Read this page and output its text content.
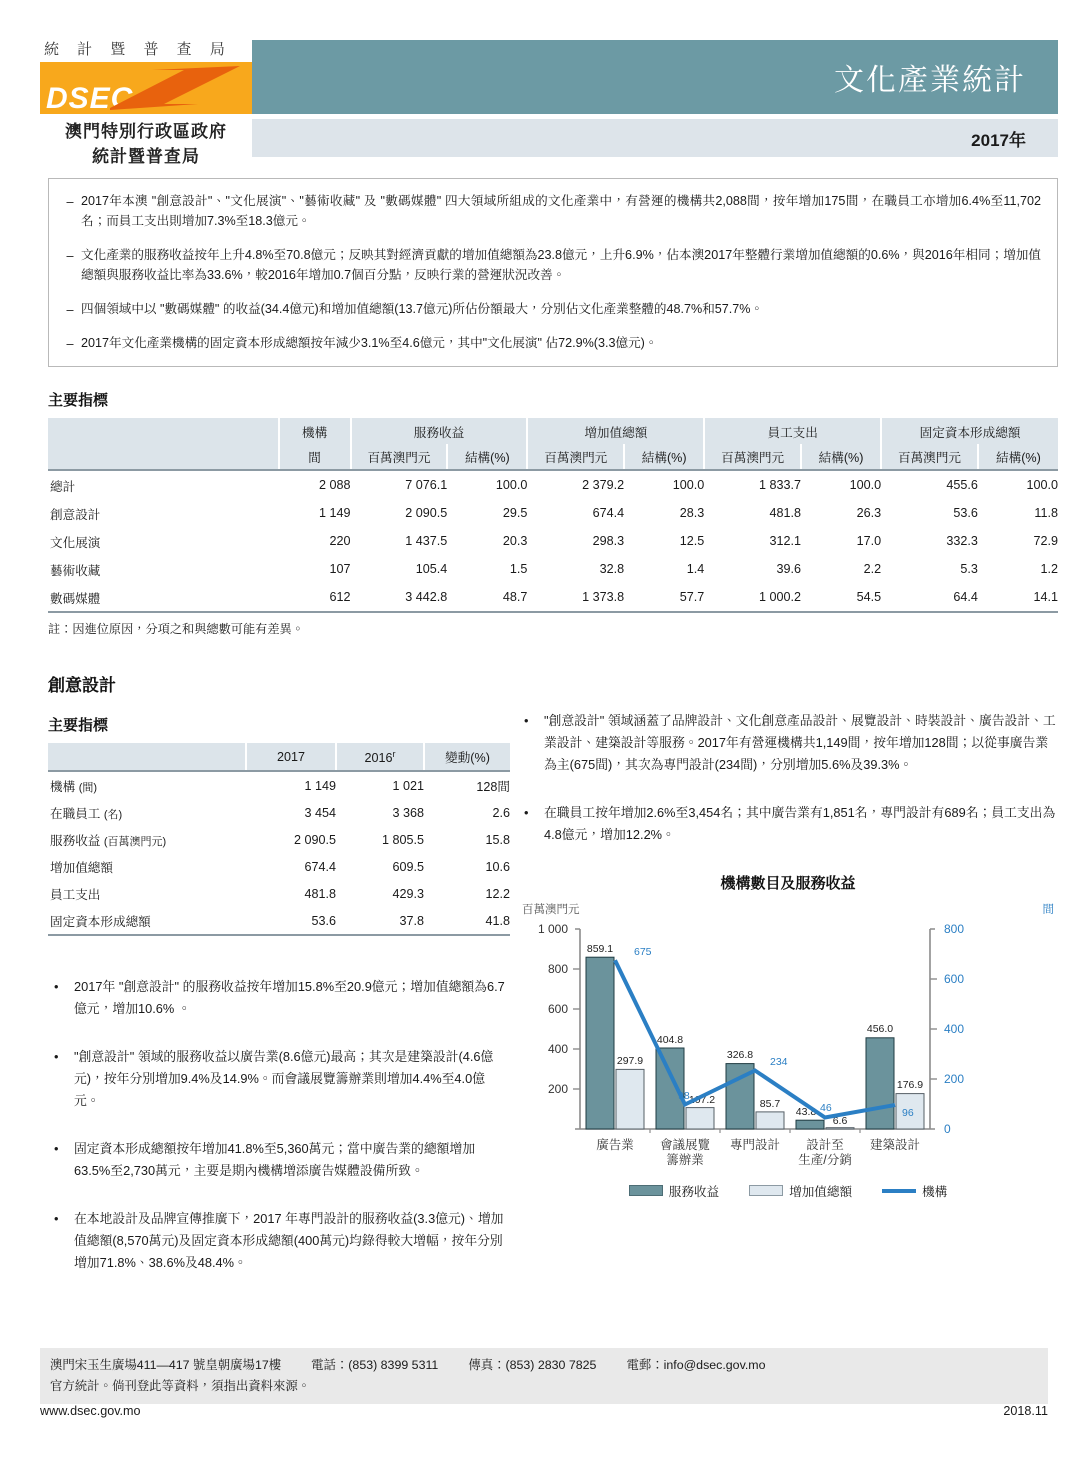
統 計 暨 普 查 局
DSEC
澳門特別行政區政府
統計暨普查局
文化產業統計
2017年
– 2017年本澳 "創意設計"、"文化展演"、"藝術收藏" 及 "數碼媒體" 四大領域所組成的文化產業中，有營運的機構共2,088間，按年增加175間，在職員工亦增加6.4%至11,702名；而員工支出則增加7.3%至18.3億元。
– 文化產業的服務收益按年上升4.8%至70.8億元；反映其對經濟貢獻的增加值總額為23.8億元，上升6.9%，佔本澳2017年整體行業增加值總額的0.6%，與2016年相同；增加值總額與服務收益比率為33.6%，較2016年增加0.7個百分點，反映行業的營運狀況改善。
– 四個領域中以 "數碼媒體" 的收益(34.4億元)和增加值總額(13.7億元)所佔份額最大，分別佔文化產業整體的48.7%和57.7%。
– 2017年文化產業機構的固定資本形成總額按年減少3.1%至4.6億元，其中"文化展演" 佔72.9%(3.3億元)。
主要指標
	機構	服務收益		增加值總額		員工支出		固定資本形成總額	
	間	百萬澳門元	結構(%)	百萬澳門元	結構(%)	百萬澳門元	結構(%)	百萬澳門元	結構(%)

總計	2 088	7 076.1	100.0	2 379.2	100.0	1 833.7	100.0	455.6	100.0
創意設計	1 149	2 090.5	29.5	674.4	28.3	481.8	26.3	53.6	11.8
文化展演	220	1 437.5	20.3	298.3	12.5	312.1	17.0	332.3	72.9
藝術收藏	107	105.4	1.5	32.8	1.4	39.6	2.2	5.3	1.2
數碼媒體	612	3 442.8	48.7	1 373.8	57.7	1 000.2	54.5	64.4	14.1

註：因進位原因，分項之和與總數可能有差異。
創意設計
主要指標
	2017	2016$^r$	變動(%)

機構 (間)	1 149	1 021	128間
在職員工 (名)	3 454	3 368	2.6
服務收益 (百萬澳門元)	2 090.5	1 805.5	15.8
增加值總額	674.4	609.5	10.6
員工支出	481.8	429.3	12.2
固定資本形成總額	53.6	37.8	41.8

•	2017年 "創意設計" 的服務收益按年增加15.8%至20.9億元；增加值總額為6.7億元，增加10.6% 。
•	"創意設計" 領域的服務收益以廣告業(8.6億元)最高；其次是建築設計(4.6億元)，按年分別增加9.4%及14.9%。而會議展覽籌辦業則增加4.4%至4.0億元。
•	固定資本形成總額按年增加41.8%至5,360萬元；當中廣告業的總額增加63.5%至2,730萬元，主要是期內機構增添廣告媒體設備所致。
•	在本地設計及品牌宣傳推廣下，2017 年專門設計的服務收益(3.3億元)、增加值總額(8,570萬元)及固定資本形成總額(400萬元)均錄得較大增幅，按年分別增加71.8%、38.6%及48.4%。
•	"創意設計" 領域涵蓋了品牌設計、文化創意產品設計、展覽設計、時裝設計、廣告設計、工業設計、建築設計等服務。2017年有營運機構共1,149間，按年增加128間；以從事廣告業為主(675間)，其次為專門設計(234間)，分別增加5.6%及39.3%。
•	在職員工按年增加2.6%至3,454名；其中廣告業有1,851名，專門設計有689名；員工支出為4.8億元，增加12.2%。
機構數目及服務收益
百萬澳門元	間
1 000
800
600
400
200
800
600
400
200
0
859.1
297.9
404.8
107.2
326.8
85.7
43.8
6.6
456.0
176.9
675
98
234
46	96
廣告業 會議展覽
籌辦業
專門設計 設計至
生產/分銷
建築設計
服務收益	增加值總額	機構
澳門宋玉生廣場411—417 號皇朝廣場17樓 電話：(853) 8399 5311 傳真：(853) 2830 7825 電郵：info@dsec.gov.mo
官方統計。倘刊登此等資料，須指出資料來源。
www.dsec.gov.mo	2018.11
